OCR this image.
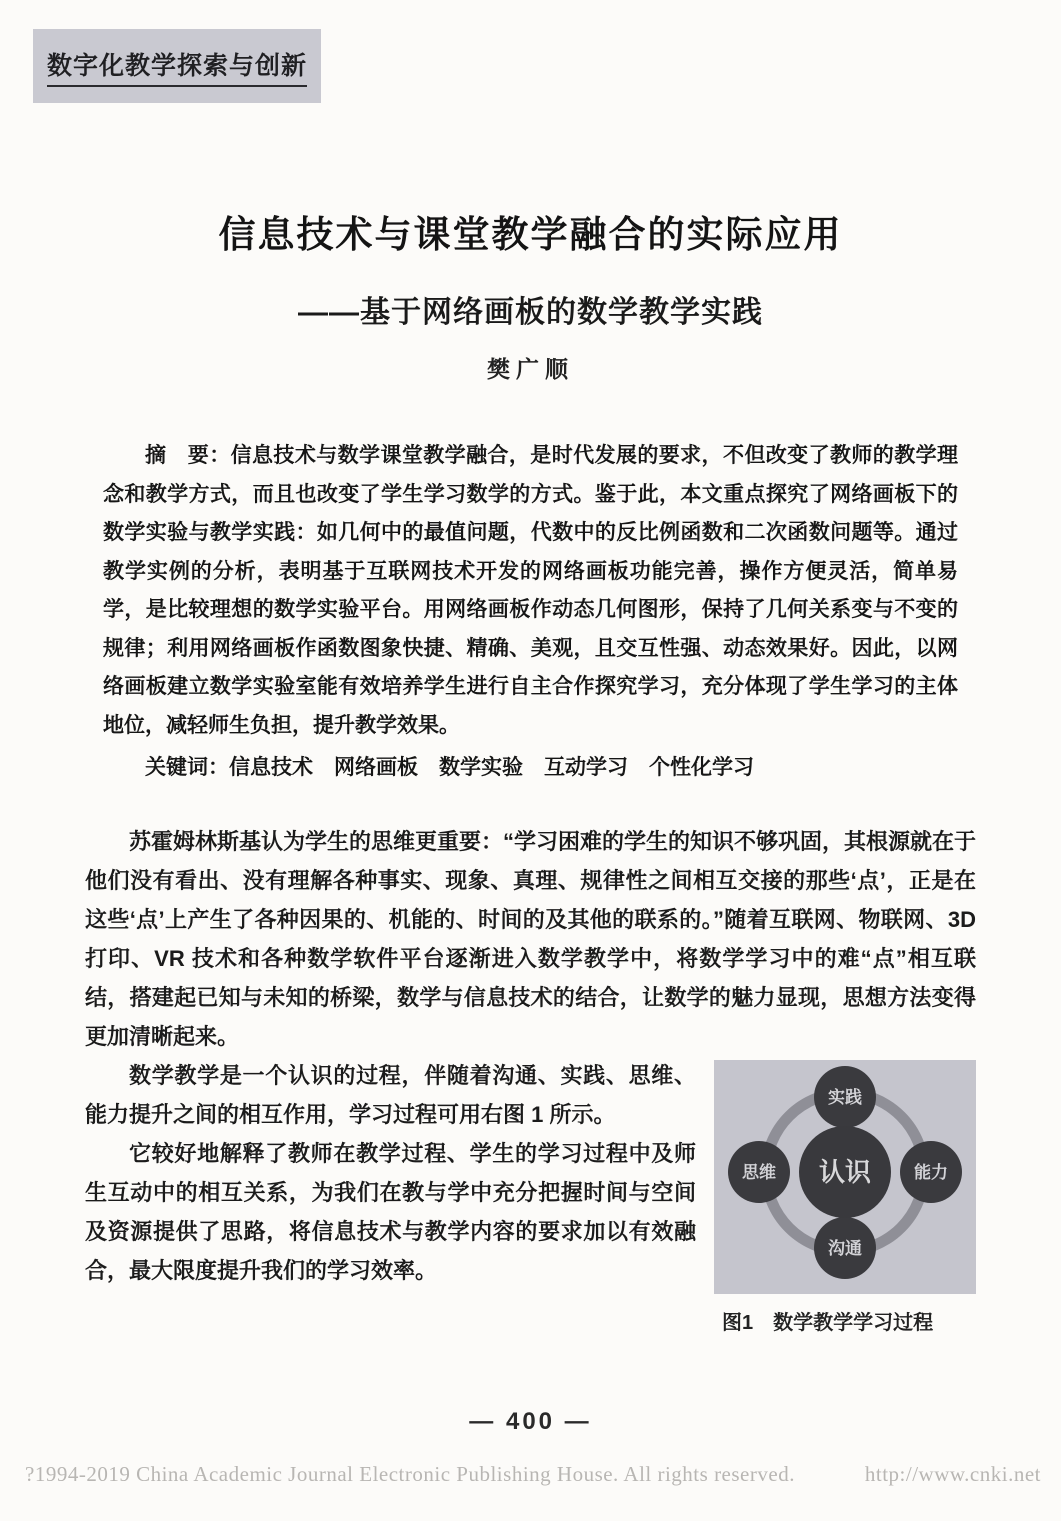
数字化教学探索与创新
信息技术与课堂教学融合的实际应用
——基于网络画板的数学教学实践
樊广顺

摘　要：信息技术与数学课堂教学融合，是时代发展的要求，不但改变了教师的教学理念和教学方式，而且也改变了学生学习数学的方式。鉴于此，本文重点探究了网络画板下的数学实验与教学实践：如几何中的最值问题，代数中的反比例函数和二次函数问题等。通过教学实例的分析，表明基于互联网技术开发的网络画板功能完善，操作方便灵活，简单易学，是比较理想的数学实验平台。用网络画板作动态几何图形，保持了几何关系变与不变的规律；利用网络画板作函数图象快捷、精确、美观，且交互性强、动态效果好。因此，以网络画板建立数学实验室能有效培养学生进行自主合作探究学习，充分体现了学生学习的主体地位，减轻师生负担，提升教学效果。

关键词：信息技术　网络画板　数学实验　互动学习　个性化学习

苏霍姆林斯基认为学生的思维更重要：“学习困难的学生的知识不够巩固，其根源就在于他们没有看出、没有理解各种事实、现象、真理、规律性之间相互交接的那些‘点’，正是在这些‘点’上产生了各种因果的、机能的、时间的及其他的联系的。”随着互联网、物联网、3D 打印、VR 技术和各种数学软件平台逐渐进入数学教学中，将数学学习中的难“点”相互联结，搭建起已知与未知的桥梁，数学与信息技术的结合，让数学的魅力显现，思想方法变得更加清晰起来。

实践
思维	能力
沟通
认识
图1　数学教学学习过程

数学教学是一个认识的过程，伴随着沟通、实践、思维、能力提升之间的相互作用，学习过程可用右图 1 所示。

它较好地解释了教师在教学过程、学生的学习过程中及师生互动中的相互关系，为我们在教与学中充分把握时间与空间及资源提供了思路，将信息技术与教学内容的要求加以有效融合，最大限度提升我们的学习效率。

— 400 —
?1994-2019 China Academic Journal Electronic Publishing House. All rights reserved.	http://www.cnki.net
